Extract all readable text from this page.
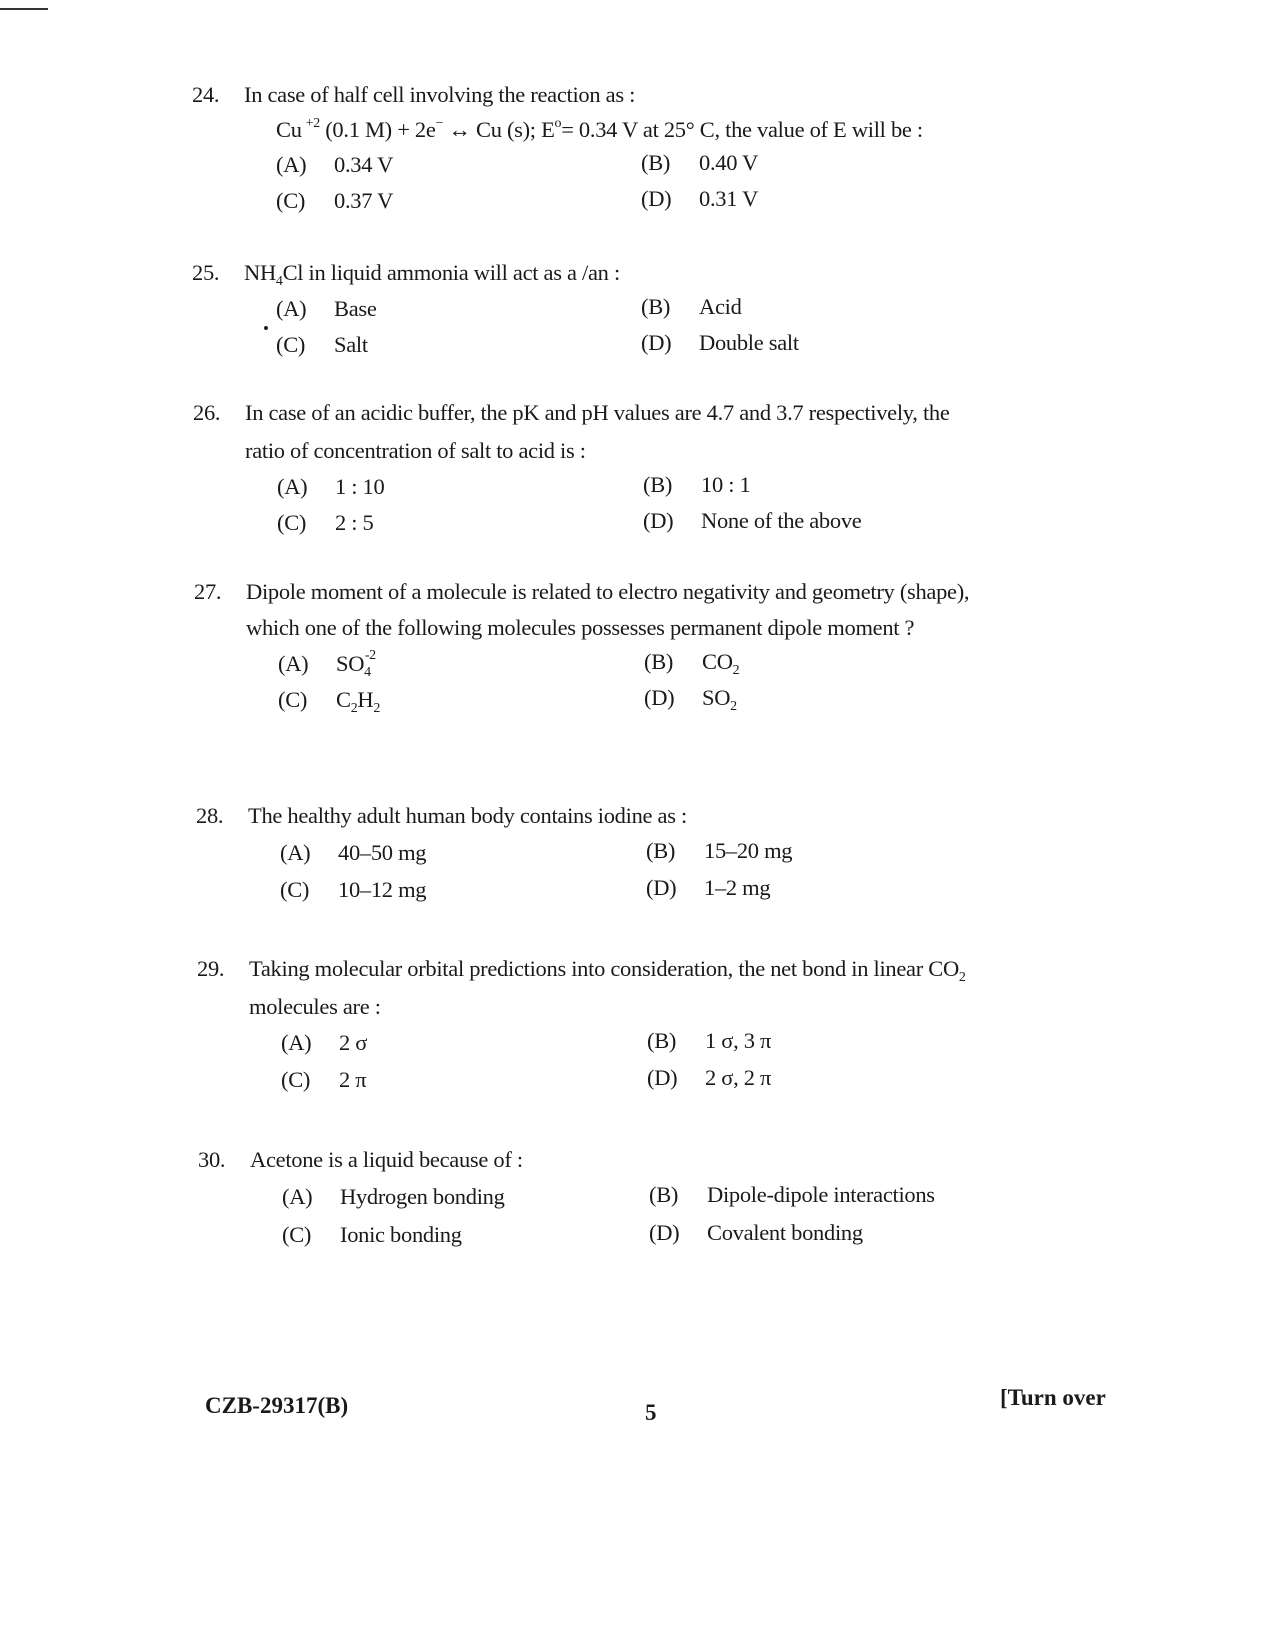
24.	In case of half cell involving the reaction as :
Cu +2 (0.1 M) + 2e− ↔ Cu (s); Eo= 0.34 V at 25° C, the value of E will be :
(A) 0.34 V	(B) 0.40 V
(C) 0.37 V	(D) 0.31 V
25.	$NH_4Cl$ in liquid ammonia will act as a /an :
(A) Base	(B) Acid
(C) Salt	(D) Double salt
26.	In case of an acidic buffer, the pK and pH values are 4.7 and 3.7 respectively, the
ratio of concentration of salt to acid is :
(A) 1 : 10	(B) 10 : 1
(C) 2 : 5	(D) None of the above
27.	Dipole moment of a molecule is related to electro negativity and geometry (shape),
which one of the following molecules possesses permanent dipole moment ?
(A) $SO_4-2$	(B) $CO_2$
(C) $C_2H_2$	(D) $SO_2$
28.	The healthy adult human body contains iodine as :
(A) 40–50 mg	(B) 15–20 mg
(C) 10–12 mg	(D) 1–2 mg
29.	Taking molecular orbital predictions into consideration, the net bond in linear $CO_2$
molecules are :
(A) 2 σ	(B) 1 σ, 3 π
(C) 2 π	(D) 2 σ, 2 π
30.	Acetone is a liquid because of :
(A) Hydrogen bonding	(B) Dipole-dipole interactions
(C) Ionic bonding	(D) Covalent bonding
CZB-29317(B)	5
[Turn over
